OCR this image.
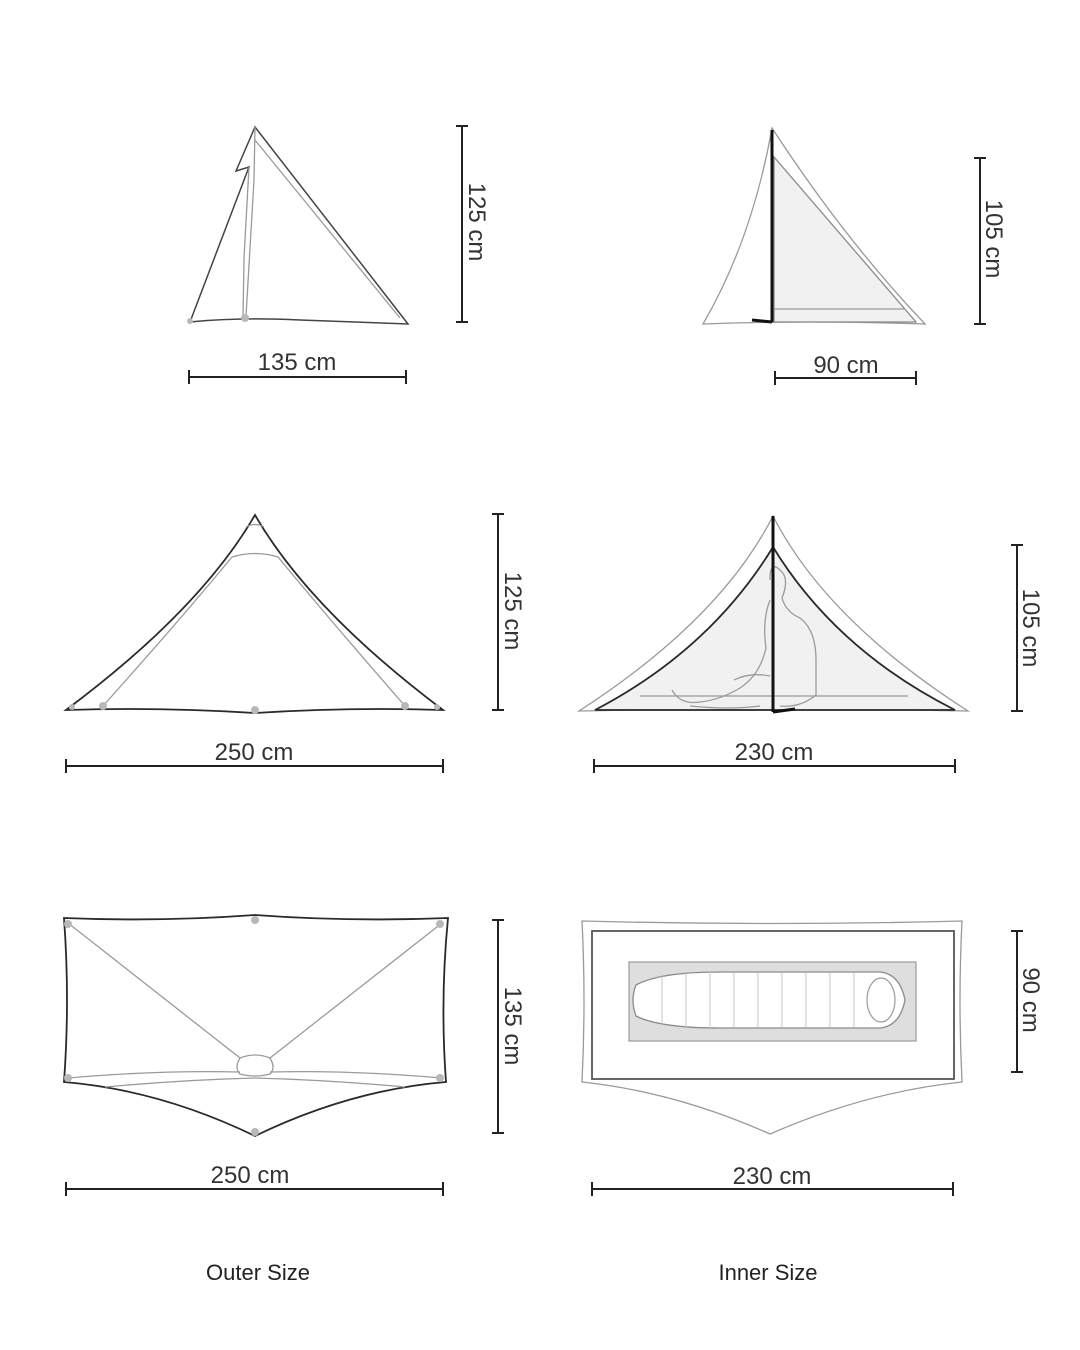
135 cm
125 cm
90 cm
105 cm
250 cm
125 cm
230 cm
105 cm
250 cm
135 cm
230 cm
90 cm
Outer Size	Inner Size
